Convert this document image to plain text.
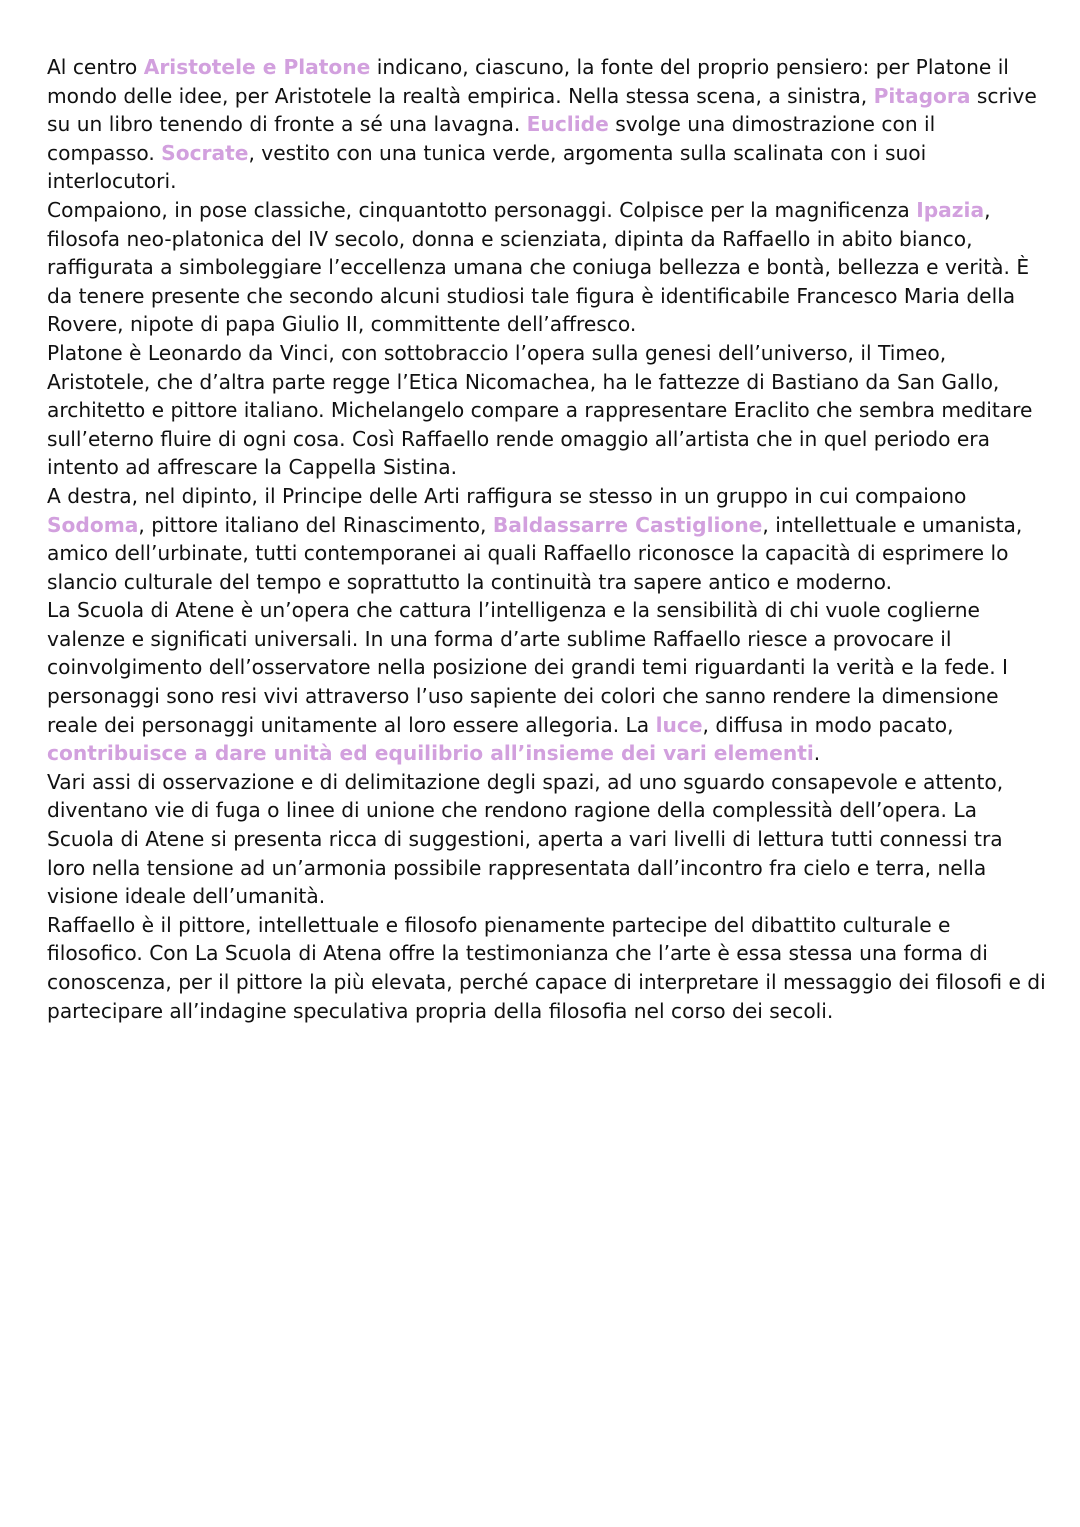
Al centro Aristotele e Platone indicano, ciascuno, la fonte del proprio pensiero: per Platone il mondo delle idee, per Aristotele la realtà empirica. Nella stessa scena, a sinistra, Pitagora scrive su un libro tenendo di fronte a sé una lavagna. Euclide svolge una dimostrazione con il compasso. Socrate, vestito con una tunica verde, argomenta sulla scalinata con i suoi interlocutori.

Compaiono, in pose classiche, cinquantotto personaggi. Colpisce per la magnificenza Ipazia, filosofa neo-platonica del IV secolo, donna e scienziata, dipinta da Raffaello in abito bianco, raffigurata a simboleggiare l’eccellenza umana che coniuga bellezza e bontà, bellezza e verità. È da tenere presente che secondo alcuni studiosi tale figura è identificabile Francesco Maria della Rovere, nipote di papa Giulio II, committente dell’affresco.

Platone è Leonardo da Vinci, con sottobraccio l’opera sulla genesi dell’universo, il Timeo, Aristotele, che d’altra parte regge l’Etica Nicomachea, ha le fattezze di Bastiano da San Gallo, architetto e pittore italiano. Michelangelo compare a rappresentare Eraclito che sembra meditare sull’eterno fluire di ogni cosa. Così Raffaello rende omaggio all’artista che in quel periodo era intento ad affrescare la Cappella Sistina.

A destra, nel dipinto, il Principe delle Arti raffigura se stesso in un gruppo in cui compaiono Sodoma, pittore italiano del Rinascimento, Baldassarre Castiglione, intellettuale e umanista, amico dell’urbinate, tutti contemporanei ai quali Raffaello riconosce la capacità di esprimere lo slancio culturale del tempo e soprattutto la continuità tra sapere antico e moderno.

La Scuola di Atene è un’opera che cattura l’intelligenza e la sensibilità di chi vuole coglierne valenze e significati universali. In una forma d’arte sublime Raffaello riesce a provocare il coinvolgimento dell’osservatore nella posizione dei grandi temi riguardanti la verità e la fede. I personaggi sono resi vivi attraverso l’uso sapiente dei colori che sanno rendere la dimensione reale dei personaggi unitamente al loro essere allegoria. La luce, diffusa in modo pacato, contribuisce a dare unità ed equilibrio all’insieme dei vari elementi.

Vari assi di osservazione e di delimitazione degli spazi, ad uno sguardo consapevole e attento, diventano vie di fuga o linee di unione che rendono ragione della complessità dell’opera. La Scuola di Atene si presenta ricca di suggestioni, aperta a vari livelli di lettura tutti connessi tra loro nella tensione ad un’armonia possibile rappresentata dall’incontro fra cielo e terra, nella visione ideale dell’umanità.

Raffaello è il pittore, intellettuale e filosofo pienamente partecipe del dibattito culturale e filosofico. Con La Scuola di Atena offre la testimonianza che l’arte è essa stessa una forma di conoscenza, per il pittore la più elevata, perché capace di interpretare il messaggio dei filosofi e di partecipare all’indagine speculativa propria della filosofia nel corso dei secoli.
